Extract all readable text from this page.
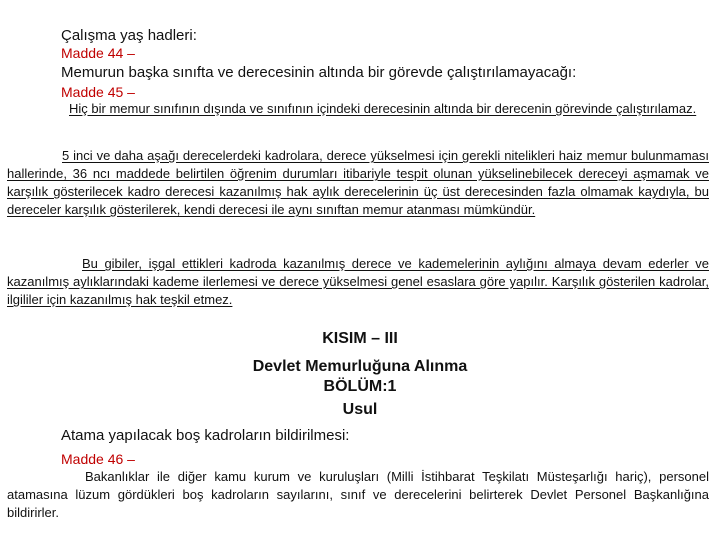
Çalışma yaş hadleri:
Madde 44 –
Memurun başka sınıfta ve derecesinin altında bir görevde çalıştırılamayacağı:
Madde 45 –
Hiç bir memur sınıfının dışında ve sınıfının içindeki derecesinin altında bir derecenin görevinde çalıştırılamaz.
5 inci ve daha aşağı derecelerdeki kadrolara, derece yükselmesi için gerekli nitelikleri haiz memur bulunmaması hallerinde, 36 ncı maddede belirtilen öğrenim durumları itibariyle tespit olunan yükselinebilecek dereceyi aşmamak ve karşılık gösterilecek kadro derecesi kazanılmış hak aylık derecelerinin üç üst derecesinden fazla olmamak kaydıyla, bu dereceler karşılık gösterilerek, kendi derecesi ile aynı sınıftan memur atanması mümkündür.
Bu gibiler, işgal ettikleri kadroda kazanılmış derece ve kademelerinin aylığını almaya devam ederler ve kazanılmış aylıklarındaki kademe ilerlemesi ve derece yükselmesi genel esaslara göre yapılır. Karşılık gösterilen kadrolar, ilgililer için kazanılmış hak teşkil etmez.
KISIM – III
Devlet Memurluğuna Alınma
BÖLÜM:1
Usul
Atama yapılacak boş kadroların bildirilmesi:
Madde 46 –
Bakanlıklar ile diğer kamu kurum ve kuruluşları (Milli İstihbarat Teşkilatı Müsteşarlığı hariç), personel atamasına lüzum gördükleri boş kadroların sayılarını, sınıf ve derecelerini belirterek Devlet Personel Başkanlığına bildirirler.
